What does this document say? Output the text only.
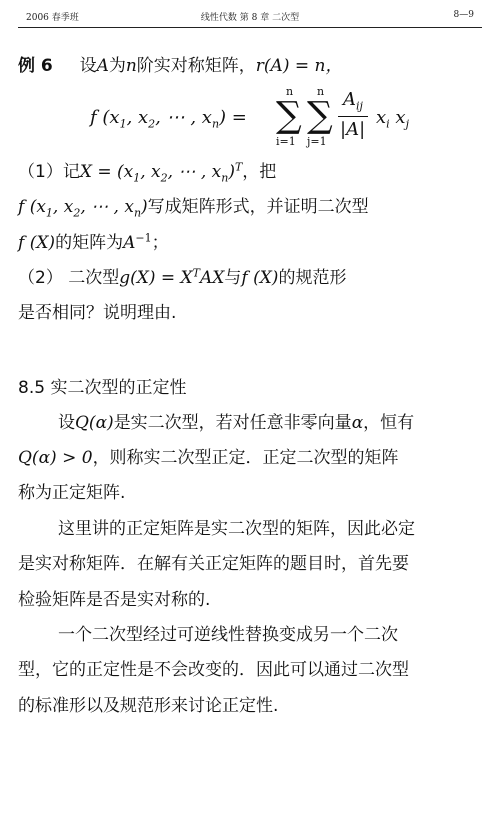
2006 春季班	线性代数 第 8 章 二次型	8—9
例 6 设A为n阶实对称矩阵，r(A) = n，
f ($x_1$, $x_2$, ⋯ , $x_n$) =
n
∑
i=1
n
∑
j=1
$A_{ij}$
|A|
$x_i$ $x_j$
（1）记$X = (x_1$, $x_2$, ⋯ , $x_n)^T$，把
f ($x_1$, $x_2$, ⋯ , $x_n$)写成矩阵形式，并证明二次型
f (X)的矩阵为$A^{-1}$；
（2） 二次型$g(X) = X^TAX$与f (X)的规范形
是否相同？说明理由.
8.5 实二次型的正定性
设Q(α)是实二次型，若对任意非零向量α，恒有
Q(α) > 0，则称实二次型正定．正定二次型的矩阵
称为正定矩阵.
这里讲的正定矩阵是实二次型的矩阵，因此必定
是实对称矩阵．在解有关正定矩阵的题目时，首先要
检验矩阵是否是实对称的.
一个二次型经过可逆线性替换变成另一个二次
型，它的正定性是不会改变的．因此可以通过二次型
的标准形以及规范形来讨论正定性.
